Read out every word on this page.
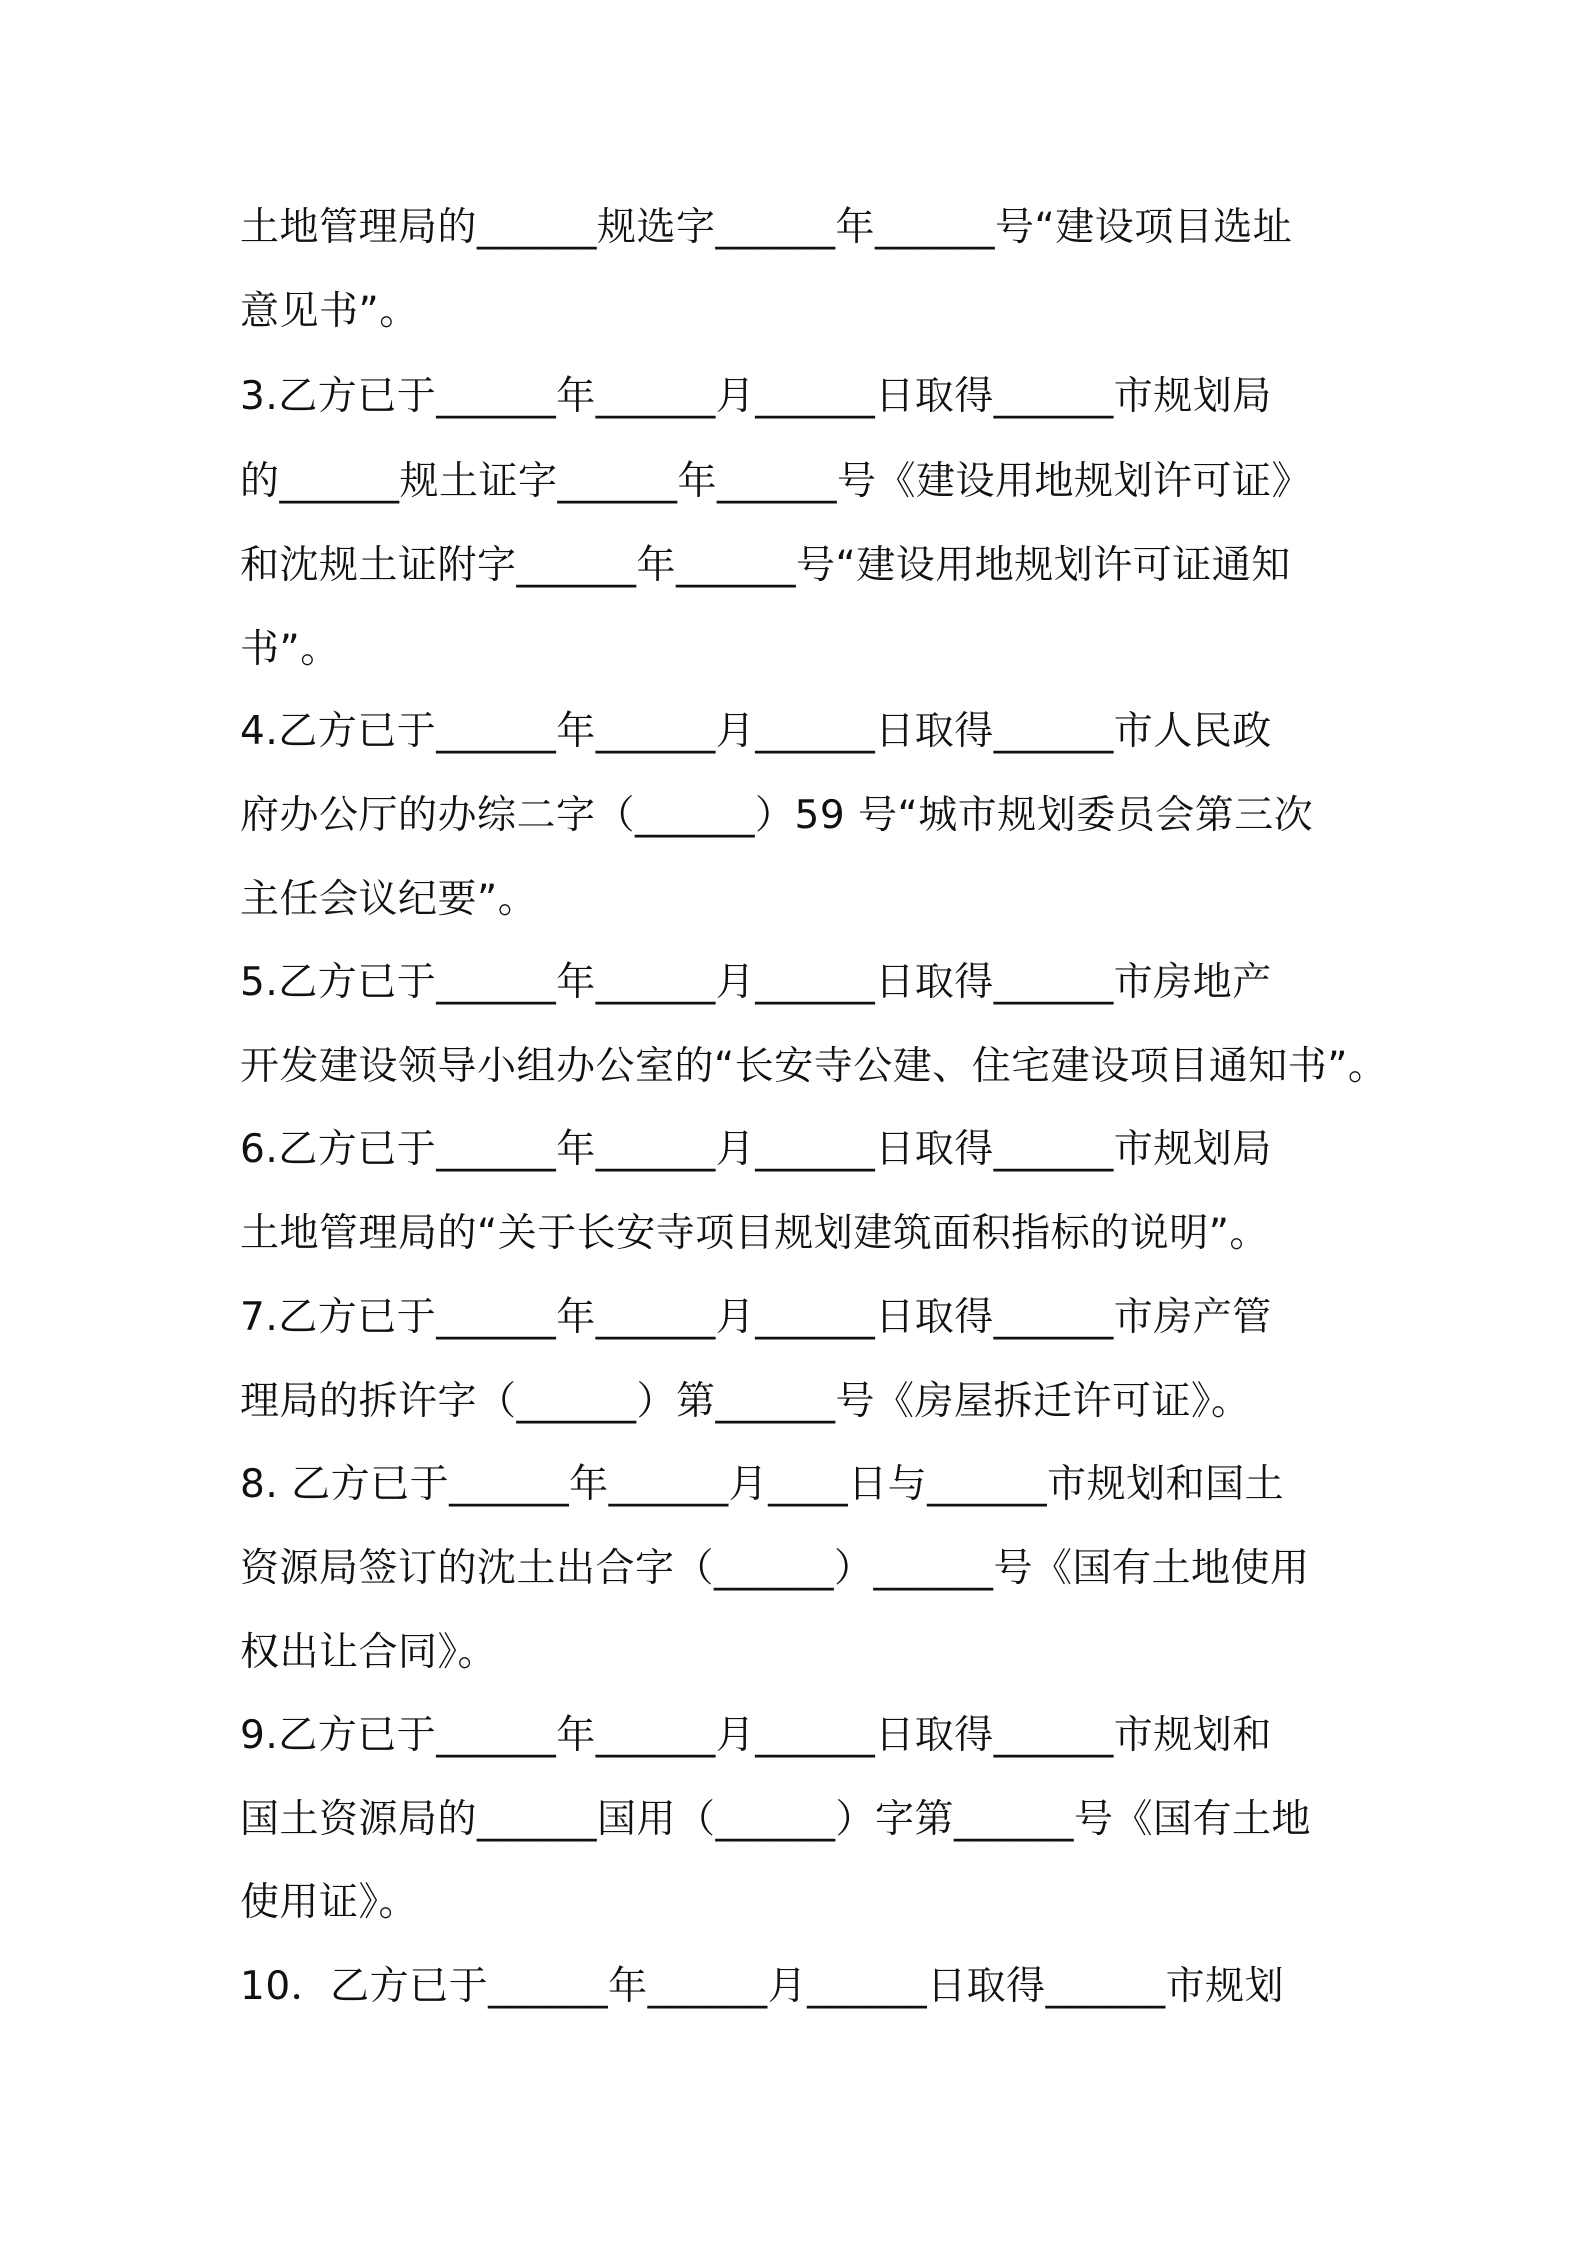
土地管理局的______规选字______年______号“建设项目选址
意见书”。
3.乙方已于______年______月______日取得______市规划局
的______规土证字______年______号《建设用地规划许可证》
和沈规土证附字______年______号“建设用地规划许可证通知
书”。
4.乙方已于______年______月______日取得______市人民政
府办公厅的办综二字（______）59 号“城市规划委员会第三次
主任会议纪要”。
5.乙方已于______年______月______日取得______市房地产
开发建设领导小组办公室的“长安寺公建、住宅建设项目通知书”。
6.乙方已于______年______月______日取得______市规划局
土地管理局的“关于长安寺项目规划建筑面积指标的说明”。
7.乙方已于______年______月______日取得______市房产管
理局的拆许字（______）第______号《房屋拆迁许可证》。
8. 乙方已于______年______月____日与______市规划和国土
资源局签订的沈土出合字（______）______号《国有土地使用
权出让合同》。
9.乙方已于______年______月______日取得______市规划和
国土资源局的______国用（______）字第______号《国有土地
使用证》。
10．乙方已于______年______月______日取得______市规划
